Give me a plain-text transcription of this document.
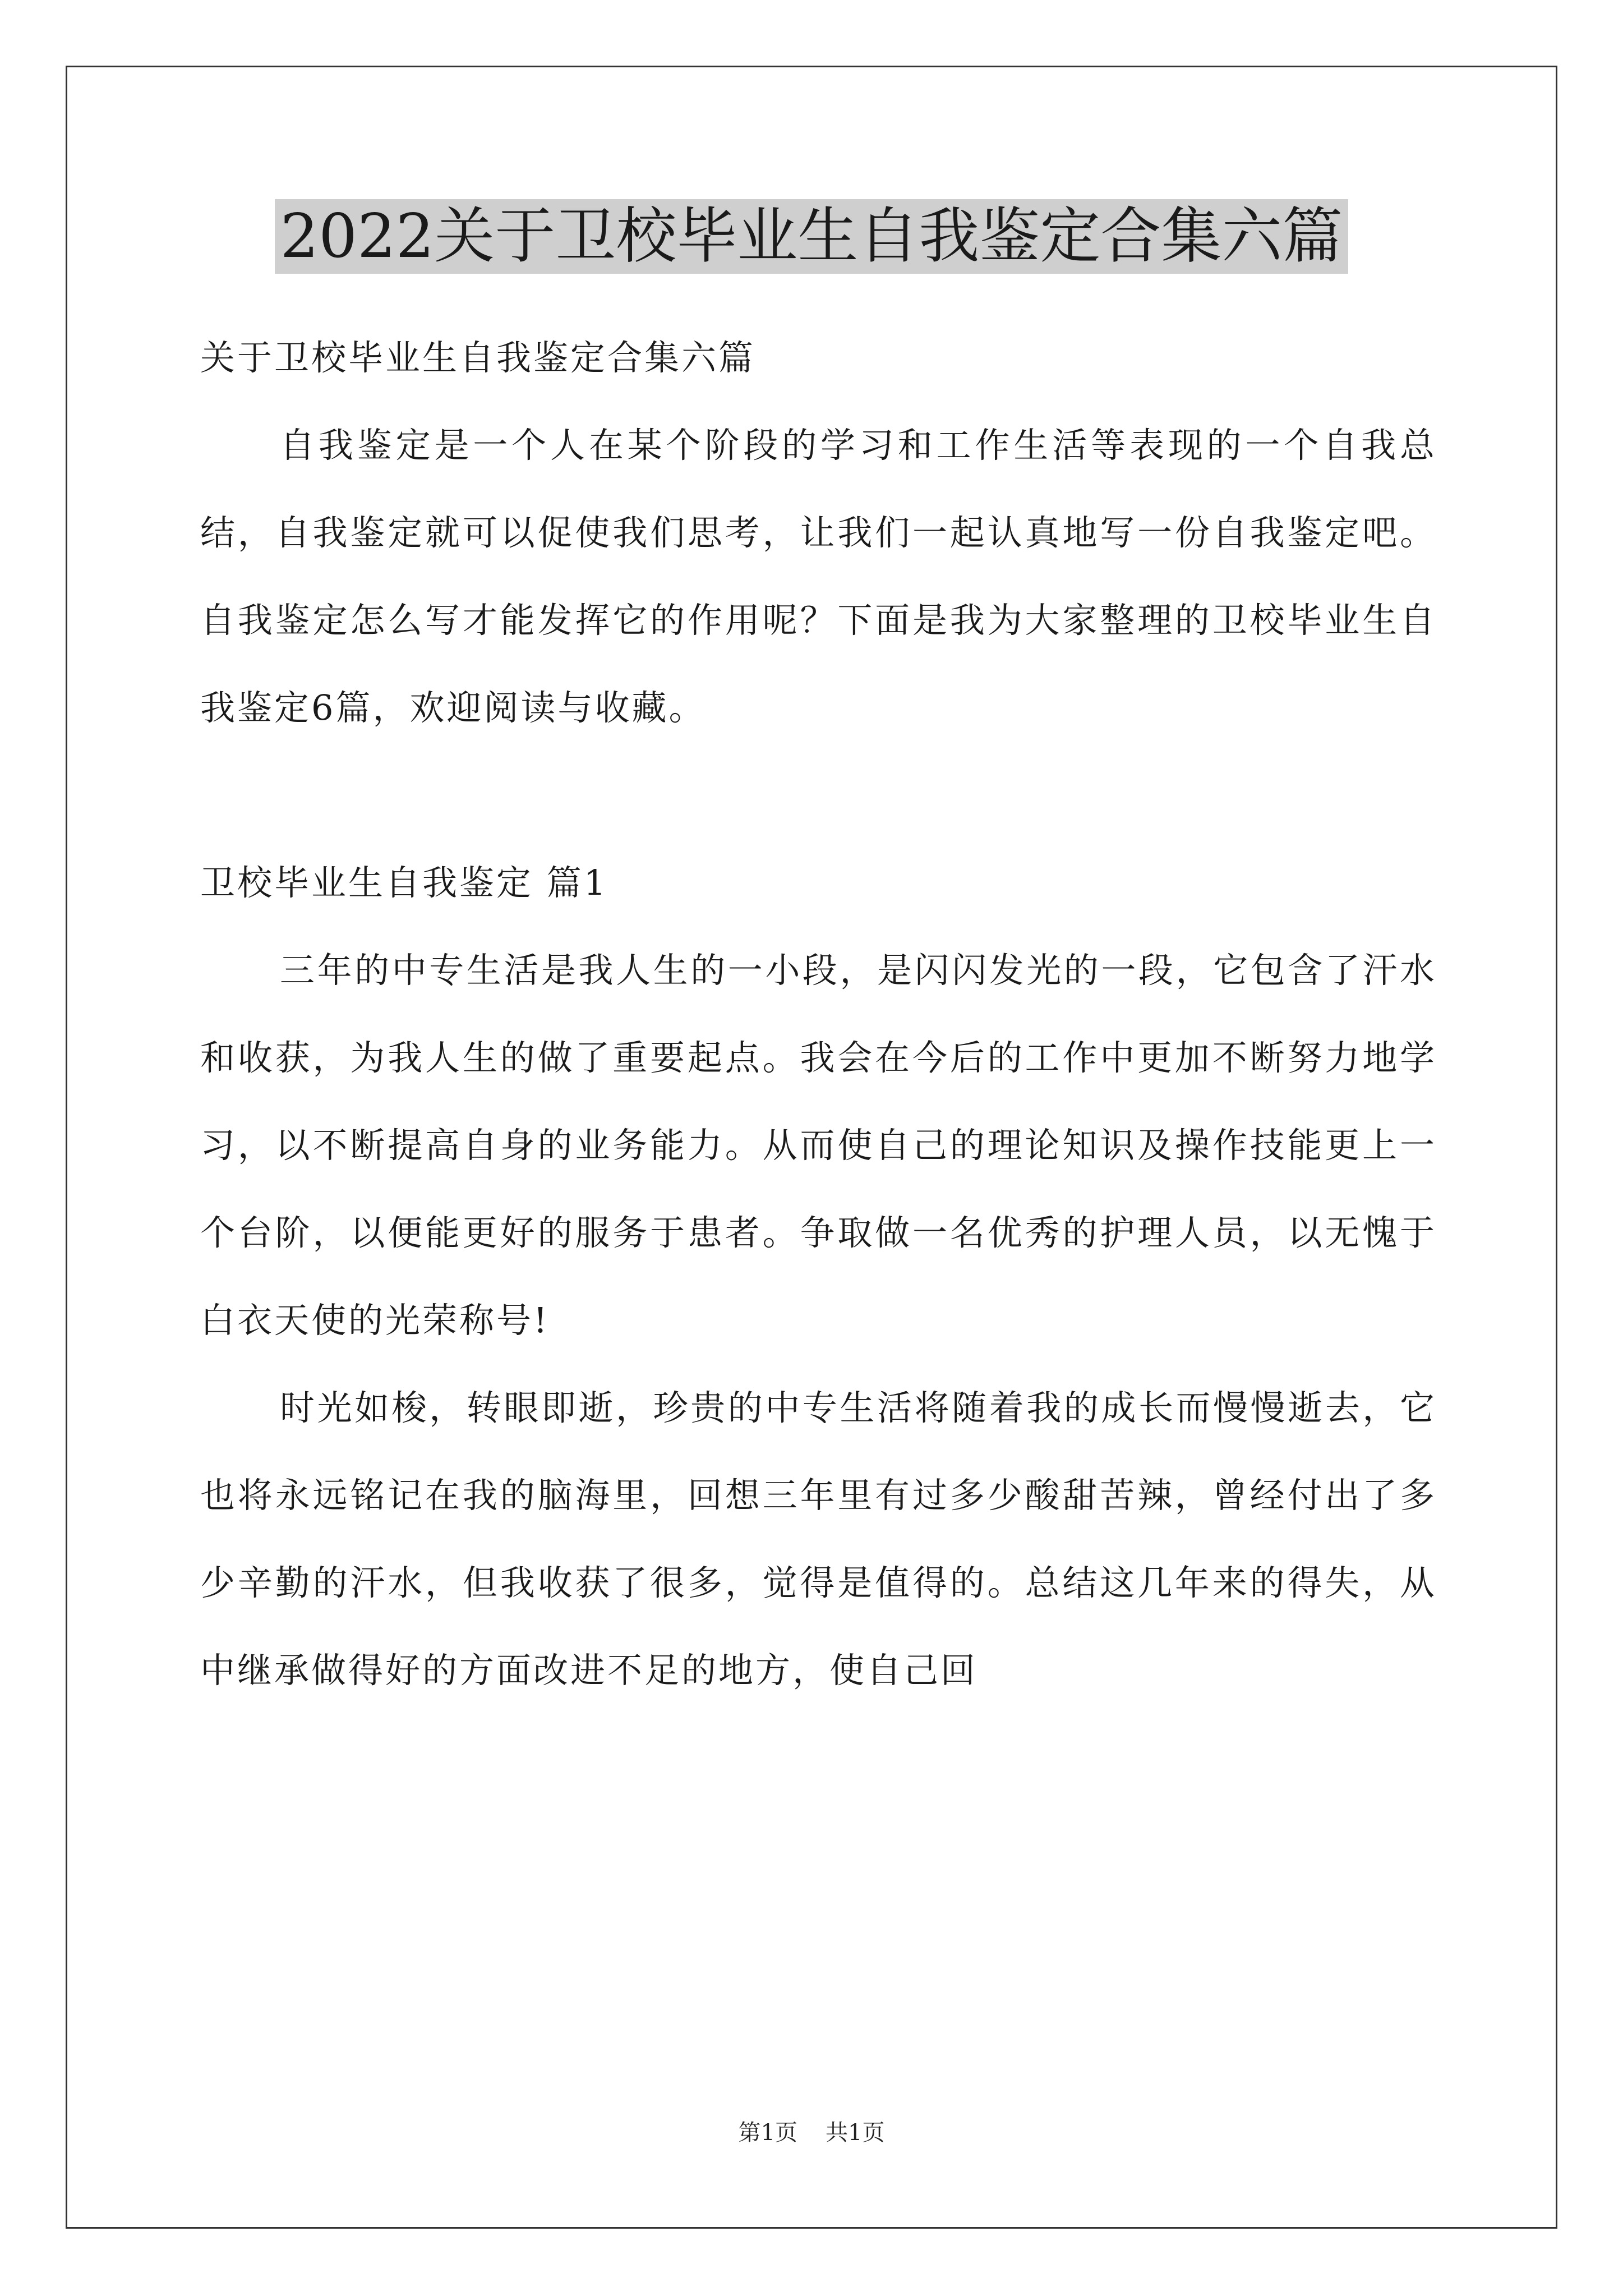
2022关于卫校毕业生自我鉴定合集六篇

关于卫校毕业生自我鉴定合集六篇

自我鉴定是一个人在某个阶段的学习和工作生活等表现的一个自我总结，自我鉴定就可以促使我们思考，让我们一起认真地写一份自我鉴定吧。自我鉴定怎么写才能发挥它的作用呢？下面是我为大家整理的卫校毕业生自我鉴定6篇，欢迎阅读与收藏。

卫校毕业生自我鉴定 篇1

三年的中专生活是我人生的一小段，是闪闪发光的一段，它包含了汗水和收获，为我人生的做了重要起点。我会在今后的工作中更加不断努力地学习，以不断提高自身的业务能力。从而使自己的理论知识及操作技能更上一个台阶，以便能更好的服务于患者。争取做一名优秀的护理人员，以无愧于白衣天使的光荣称号!

时光如梭，转眼即逝，珍贵的中专生活将随着我的成长而慢慢逝去，它也将永远铭记在我的脑海里，回想三年里有过多少酸甜苦辣，曾经付出了多少辛勤的汗水，但我收获了很多，觉得是值得的。总结这几年来的得失，从中继承做得好的方面改进不足的地方，使自己回

第1页 共1页
